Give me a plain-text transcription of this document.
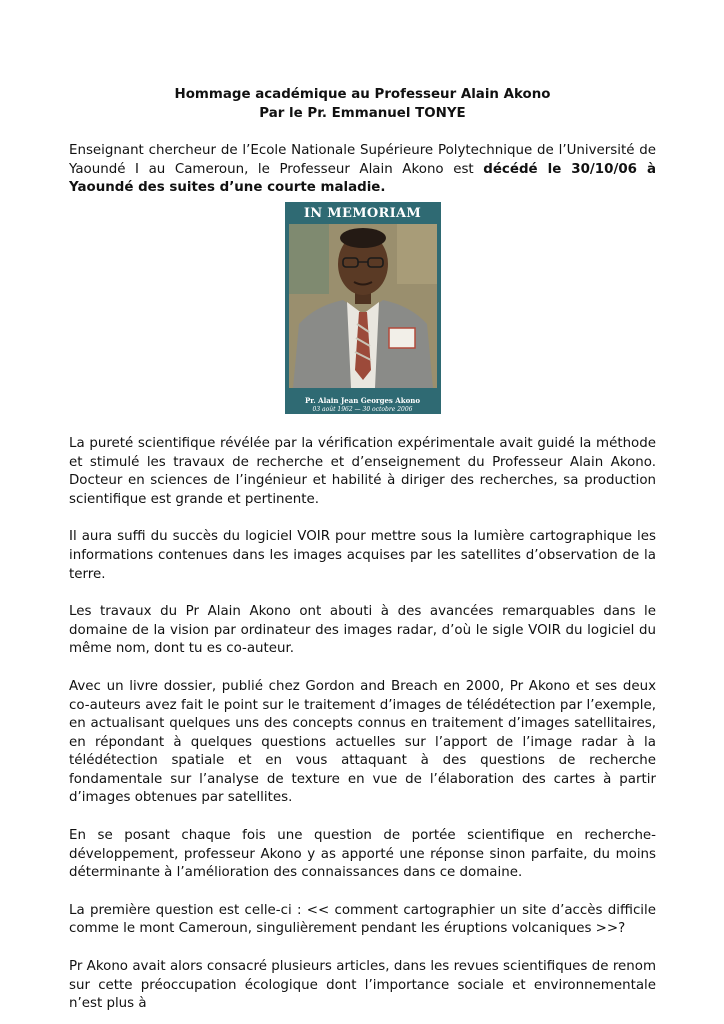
Hommage académique au Professeur Alain Akono
Par le Pr. Emmanuel TONYE

Enseignant chercheur de l’Ecole Nationale Supérieure Polytechnique de l’Université de Yaoundé I au Cameroun, le Professeur Alain Akono est décédé le 30/10/06 à Yaoundé des suites d’une courte maladie.

IN MEMORIAM
Pr. Alain Jean Georges Akono
03 août 1962 — 30 octobre 2006

La pureté scientifique révélée par la vérification expérimentale avait guidé la méthode et stimulé les travaux de recherche et d’enseignement du Professeur Alain Akono. Docteur en sciences de l’ingénieur et habilité à diriger des recherches, sa production scientifique est grande et pertinente.

Il aura suffi du succès du logiciel VOIR pour mettre sous la lumière cartographique les informations contenues dans les images acquises par les satellites d’observation de la terre.

Les travaux du Pr Alain Akono ont abouti à des avancées remarquables dans le domaine de la vision par ordinateur des images radar, d’où le sigle VOIR du logiciel du même nom, dont tu es co-auteur.

Avec un livre dossier, publié chez Gordon and Breach en 2000, Pr Akono et ses deux co-auteurs avez fait le point sur le traitement d’images de télédétection par l’exemple, en actualisant quelques uns des concepts connus en traitement d’images satellitaires, en répondant à quelques questions actuelles sur l’apport de l’image radar à la télédétection spatiale et en vous attaquant à des questions de recherche fondamentale sur l’analyse de texture en vue de l’élaboration des cartes à partir d’images obtenues par satellites.

En se posant chaque fois une question de portée scientifique en recherche-développement, professeur Akono y as apporté une réponse sinon parfaite, du moins déterminante à l’amélioration des connaissances dans ce domaine.

La première question est celle-ci : << comment cartographier un site d’accès difficile comme le mont Cameroun, singulièrement pendant les éruptions volcaniques >>?

Pr Akono avait alors consacré plusieurs articles, dans les revues scientifiques de renom sur cette préoccupation écologique dont l’importance sociale et environnementale n’est plus à
